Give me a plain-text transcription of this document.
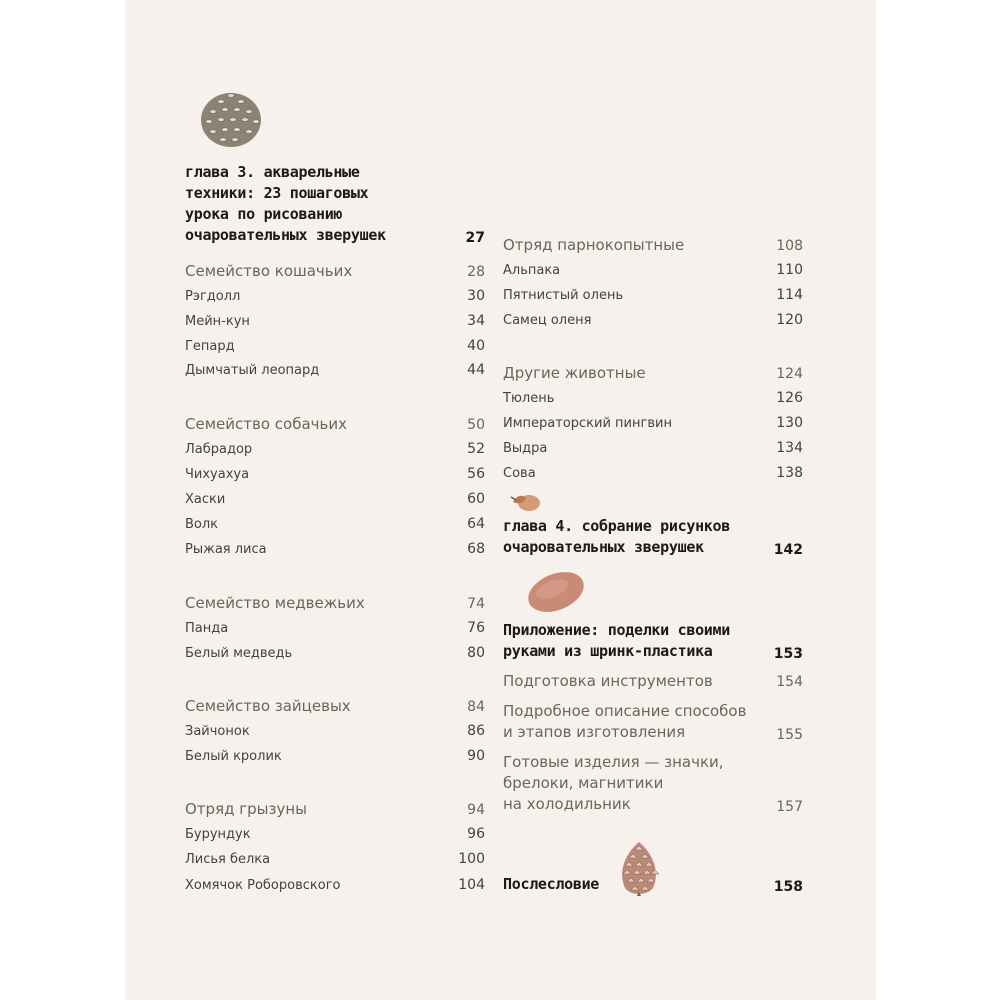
глава 3. акварельные
техники: 23 пошаговых
урока по рисованию
очаровательных зверушек	27
Семейство кошачьих	28
Рэгдолл	30
Мейн-кун	34
Гепард	40
Дымчатый леопард	44
Семейство собачьих	50
Лабрадор	52
Чихуахуа	56
Хаски	60
Волк	64
Рыжая лиса	68
Семейство медвежьих	74
Панда	76
Белый медведь	80
Семейство зайцевых	84
Зайчонок	86
Белый кролик	90
Отряд грызуны	94
Бурундук	96
Лисья белка	100
Хомячок Роборовского	104
Отряд парнокопытные	108
Альпака	110
Пятнистый олень	114
Самец оленя	120
Другие животные	124
Тюлень	126
Императорский пингвин	130
Выдра	134
Сова	138
глава 4. собрание рисунков
очаровательных зверушек	142
Приложение: поделки своими
руками из шринк-пластика	153
Подготовка инструментов	154
Подробное описание способов
и этапов изготовления	155
Готовые изделия — значки,
брелоки, магнитики
на холодильник	157
Послесловие	158
